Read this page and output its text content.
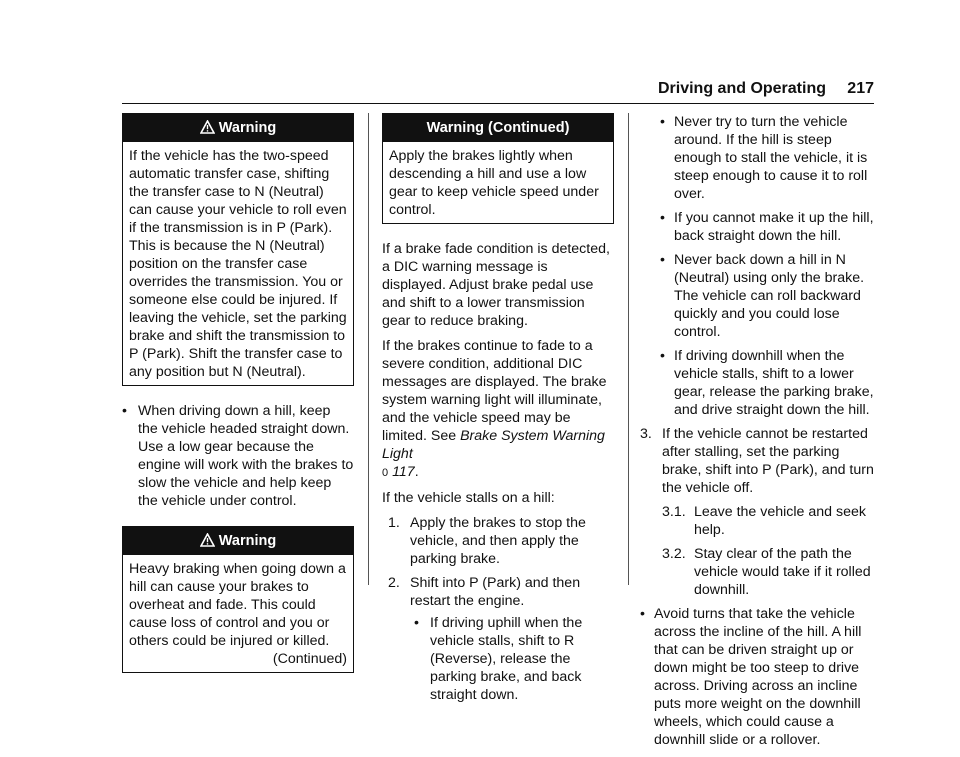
Driving and Operating 217
Warning

If the vehicle has the two-speed automatic transfer case, shifting the transfer case to N (Neutral) can cause your vehicle to roll even if the transmission is in P (Park). This is because the N (Neutral) position on the transfer case overrides the transmission. You or someone else could be injured. If leaving the vehicle, set the parking brake and shift the transmission to P (Park). Shift the transfer case to any position but N (Neutral).

• When driving down a hill, keep the vehicle headed straight down. Use a low gear because the engine will work with the brakes to slow the vehicle and help keep the vehicle under control.
Warning

Heavy braking when going down a hill can cause your brakes to overheat and fade. This could cause loss of control and you or others could be injured or killed.

(Continued)
Warning (Continued)

Apply the brakes lightly when descending a hill and use a low gear to keep vehicle speed under control.

If a brake fade condition is detected, a DIC warning message is displayed. Adjust brake pedal use and shift to a lower transmission gear to reduce braking.

If the brakes continue to fade to a severe condition, additional DIC messages are displayed. The brake system warning light will illuminate, and the vehicle speed may be limited. See Brake System Warning Light
0 117.

If the vehicle stalls on a hill:

1. Apply the brakes to stop the vehicle, and then apply the parking brake.
2. Shift into P (Park) and then restart the engine.
• If driving uphill when the vehicle stalls, shift to R (Reverse), release the parking brake, and back straight down.
• Never try to turn the vehicle around. If the hill is steep enough to stall the vehicle, it is steep enough to cause it to roll over.
• If you cannot make it up the hill, back straight down the hill.
• Never back down a hill in N (Neutral) using only the brake. The vehicle can roll backward quickly and you could lose control.
• If driving downhill when the vehicle stalls, shift to a lower gear, release the parking brake, and drive straight down the hill.
3. If the vehicle cannot be restarted after stalling, set the parking brake, shift into P (Park), and turn the vehicle off.
3.1. Leave the vehicle and seek help.
3.2. Stay clear of the path the vehicle would take if it rolled downhill.
• Avoid turns that take the vehicle across the incline of the hill. A hill that can be driven straight up or down might be too steep to drive across. Driving across an incline puts more weight on the downhill wheels, which could cause a downhill slide or a rollover.
